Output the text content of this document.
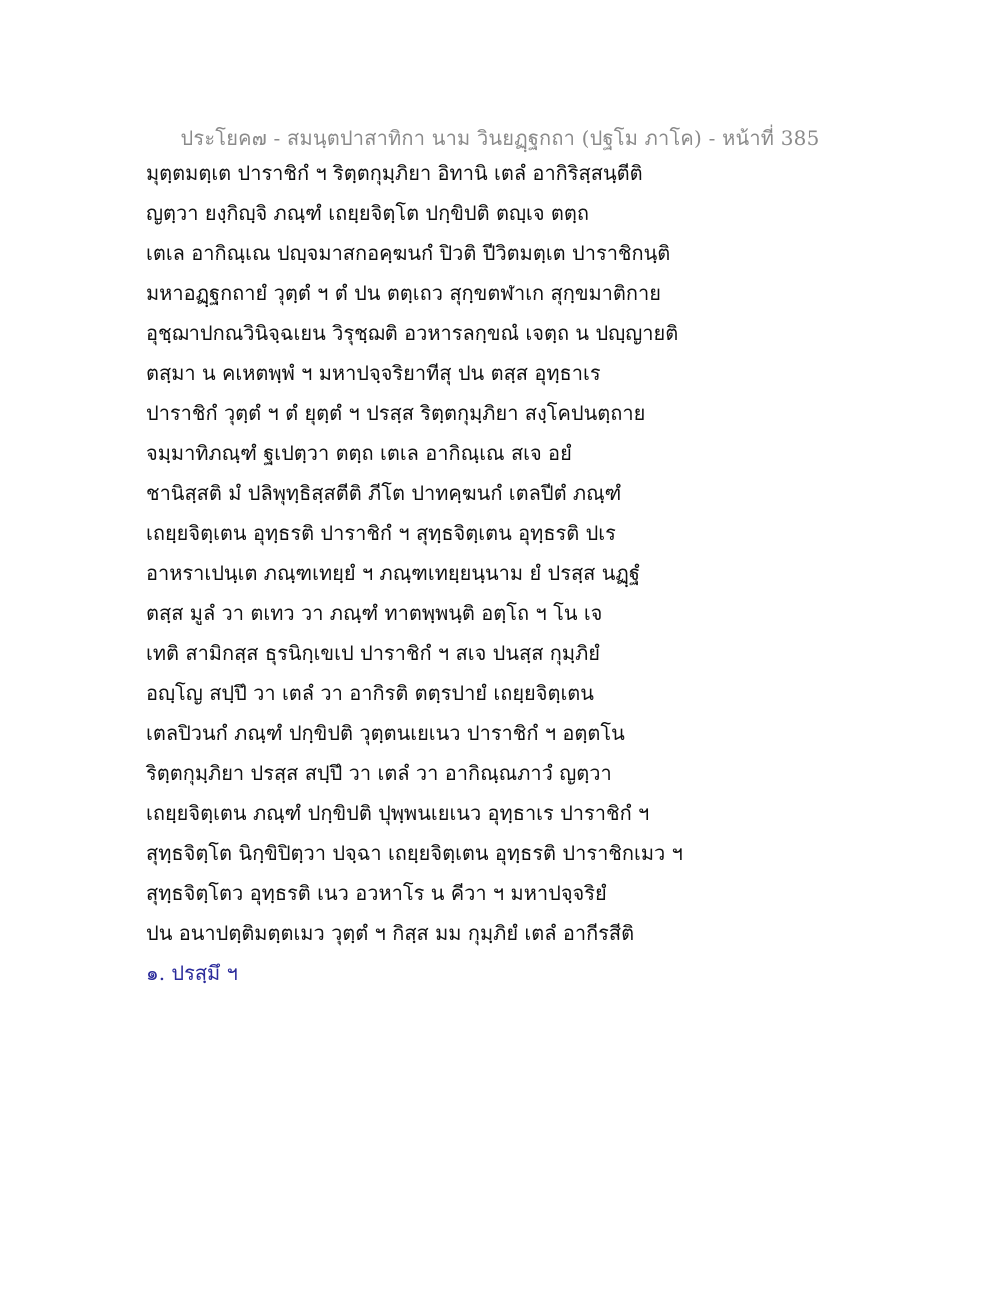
ประโยค๗ - สมนฺตปาสาทิกา นาม วินยฏฺฐกถา (ปฐโม ภาโค) - หน้าที่ 385
มุตฺตมตฺเต ปาราชิกํ ฯ ริตฺตกุมฺภิยา อิทานิ เตลํ อากิริสฺสนฺตีติ
ญตฺวา ยงฺกิญฺจิ ภณฺฑํ เถยฺยจิตฺโต ปกฺขิปติ ตญฺเจ ตตฺถ
เตเล อากิณฺเณ ปญฺจมาสกอคฺฆนกํ ปิวติ ปีวิตมตฺเต ปาราชิกนฺติ
มหาอฏฺฐกถายํ วุตฺตํ ฯ ตํ ปน ตตฺเถว สุกฺขตฬาเก สุกฺขมาติกาย
อุชฺฌาปกณวินิจฺฉเยน วิรุชฺฌติ อวหารลกฺขณํ เจตฺถ น ปญฺญายติ
ตสฺมา น คเหตพฺพํ ฯ มหาปจฺจริยาทีสุ ปน ตสฺส อุทฺธาเร
ปาราชิกํ วุตฺตํ ฯ ตํ ยุตฺตํ ฯ ปรสฺส ริตฺตกุมฺภิยา สงฺโคปนตฺถาย
จมฺมาทิภณฺฑํ ฐเปตฺวา ตตฺถ เตเล อากิณฺเณ สเจ อยํ
ชานิสฺสติ มํ ปลิพุทฺธิสฺสตีติ ภีโต ปาทคฺฆนกํ เตลปีตํ ภณฺฑํ
เถยฺยจิตฺเตน อุทฺธรติ ปาราชิกํ ฯ สุทฺธจิตฺเตน อุทฺธรติ ปเร
อาหราเปนฺเต ภณฺฑเทยฺยํ ฯ ภณฺฑเทยฺยนฺนาม ยํ ปรสฺส นฏฺฐํ
ตสฺส มูลํ วา ตเทว วา ภณฺฑํ ทาตพฺพนฺติ อตฺโถ ฯ โน เจ
เทติ สามิกสฺส ธุรนิกฺเขเป ปาราชิกํ ฯ สเจ ปนสฺส กุมฺภิยํ
อญฺโญ สปฺปึ วา เตลํ วา อากิรติ ตตฺรปายํ เถยฺยจิตฺเตน
เตลปิวนกํ ภณฺฑํ ปกฺขิปติ วุตฺตนเยเนว ปาราชิกํ ฯ อตฺตโน
ริตฺตกุมฺภิยา ปรสฺส สปฺปึ วา เตลํ วา อากิณฺณภาวํ ญตฺวา
เถยฺยจิตฺเตน ภณฺฑํ ปกฺขิปติ ปุพฺพนเยเนว อุทฺธาเร ปาราชิกํ ฯ
สุทฺธจิตฺโต นิกฺขิปิตฺวา ปจฺฉา เถยฺยจิตฺเตน อุทฺธรติ ปาราชิกเมว ฯ
สุทฺธจิตฺโตว อุทฺธรติ เนว อวหาโร น คีวา ฯ มหาปจฺจริยํ
ปน อนาปตฺติมตฺตเมว วุตฺตํ ฯ กิสฺส มม กุมฺภิยํ เตลํ อากีรสีติ
๑. ปรสฺมึ ฯ
